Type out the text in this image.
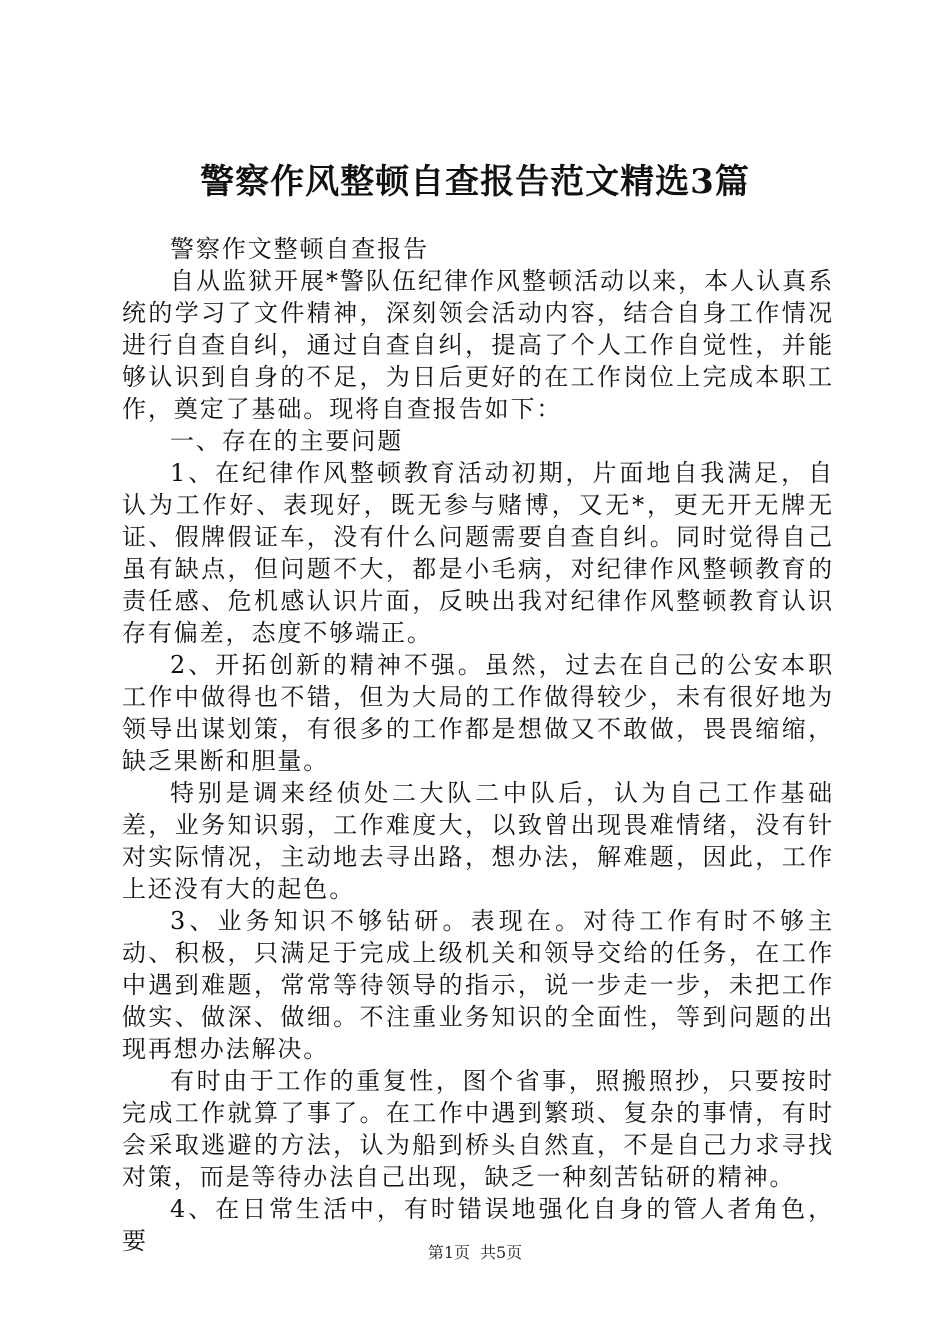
警察作风整顿自查报告范文精选3篇

警察作文整顿自查报告

自从监狱开展*警队伍纪律作风整顿活动以来，本人认真系统的学习了文件精神，深刻领会活动内容，结合自身工作情况进行自查自纠，通过自查自纠，提高了个人工作自觉性，并能够认识到自身的不足，为日后更好的在工作岗位上完成本职工作，奠定了基础。现将自查报告如下：

一、存在的主要问题

1、在纪律作风整顿教育活动初期，片面地自我满足，自认为工作好、表现好，既无参与赌博，又无*，更无开无牌无证、假牌假证车，没有什么问题需要自查自纠。同时觉得自己虽有缺点，但问题不大，都是小毛病，对纪律作风整顿教育的责任感、危机感认识片面，反映出我对纪律作风整顿教育认识存有偏差，态度不够端正。

2、开拓创新的精神不强。虽然，过去在自己的公安本职工作中做得也不错，但为大局的工作做得较少，未有很好地为领导出谋划策，有很多的工作都是想做又不敢做，畏畏缩缩，缺乏果断和胆量。

特别是调来经侦处二大队二中队后，认为自己工作基础差，业务知识弱，工作难度大，以致曾出现畏难情绪，没有针对实际情况，主动地去寻出路，想办法，解难题，因此，工作上还没有大的起色。

3、业务知识不够钻研。表现在。对待工作有时不够主动、积极，只满足于完成上级机关和领导交给的任务，在工作中遇到难题，常常等待领导的指示，说一步走一步，未把工作做实、做深、做细。不注重业务知识的全面性，等到问题的出现再想办法解决。

有时由于工作的重复性，图个省事，照搬照抄，只要按时完成工作就算了事了。在工作中遇到繁琐、复杂的事情，有时会采取逃避的方法，认为船到桥头自然直，不是自己力求寻找对策，而是等待办法自己出现，缺乏一种刻苦钻研的精神。

4、在日常生活中，有时错误地强化自身的管人者角色，要	第1页 共5页
